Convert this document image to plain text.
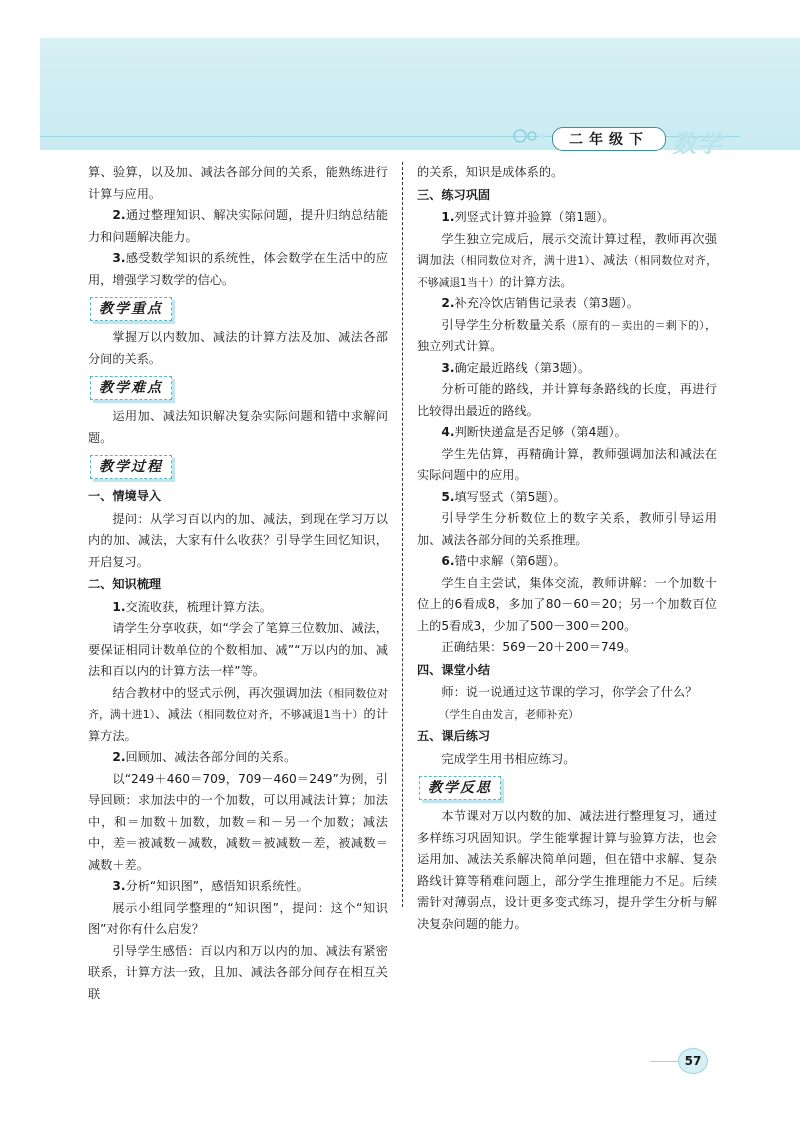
二年级下 数学

算、验算，以及加、减法各部分间的关系，能熟练进行计算与应用。

2.通过整理知识、解决实际问题，提升归纳总结能力和问题解决能力。

3.感受数学知识的系统性，体会数学在生活中的应用，增强学习数学的信心。

教学重点

掌握万以内数加、减法的计算方法及加、减法各部分间的关系。

教学难点

运用加、减法知识解决复杂实际问题和错中求解问题。

教学过程

一、情境导入

提问：从学习百以内的加、减法，到现在学习万以内的加、减法，大家有什么收获？引导学生回忆知识，开启复习。

二、知识梳理

1.交流收获，梳理计算方法。

请学生分享收获，如“学会了笔算三位数加、减法，要保证相同计数单位的个数相加、减”“万以内的加、减法和百以内的计算方法一样”等。

结合教材中的竖式示例，再次强调加法（相同数位对齐，满十进1）、减法（相同数位对齐，不够减退1当十）的计算方法。

2.回顾加、减法各部分间的关系。

以“249＋460＝709，709－460＝249”为例，引导回顾：求加法中的一个加数，可以用减法计算；加法中，和＝加数＋加数，加数＝和－另一个加数；减法中，差＝被减数－减数，减数＝被减数－差，被减数＝减数＋差。

3.分析“知识图”，感悟知识系统性。

展示小组同学整理的“知识图”，提问：这个“知识图”对你有什么启发？

引导学生感悟：百以内和万以内的加、减法有紧密联系，计算方法一致，且加、减法各部分间存在相互关联

的关系，知识是成体系的。

三、练习巩固

1.列竖式计算并验算（第1题）。

学生独立完成后，展示交流计算过程，教师再次强调加法（相同数位对齐，满十进1）、减法（相同数位对齐，不够减退1当十）的计算方法。

2.补充冷饮店销售记录表（第3题）。

引导学生分析数量关系（原有的－卖出的＝剩下的），独立列式计算。

3.确定最近路线（第3题）。

分析可能的路线，并计算每条路线的长度，再进行比较得出最近的路线。

4.判断快递盒是否足够（第4题）。

学生先估算，再精确计算，教师强调加法和减法在实际问题中的应用。

5.填写竖式（第5题）。

引导学生分析数位上的数字关系，教师引导运用加、减法各部分间的关系推理。

6.错中求解（第6题）。

学生自主尝试，集体交流，教师讲解：一个加数十位上的6看成8，多加了80－60＝20；另一个加数百位上的5看成3，少加了500－300＝200。

正确结果：569－20＋200＝749。

四、课堂小结

师：说一说通过这节课的学习，你学会了什么？

（学生自由发言，老师补充）

五、课后练习

完成学生用书相应练习。

教学反思

本节课对万以内数的加、减法进行整理复习，通过多样练习巩固知识。学生能掌握计算与验算方法，也会运用加、减法关系解决简单问题，但在错中求解、复杂路线计算等稍难问题上，部分学生推理能力不足。后续需针对薄弱点，设计更多变式练习，提升学生分析与解决复杂问题的能力。

57
